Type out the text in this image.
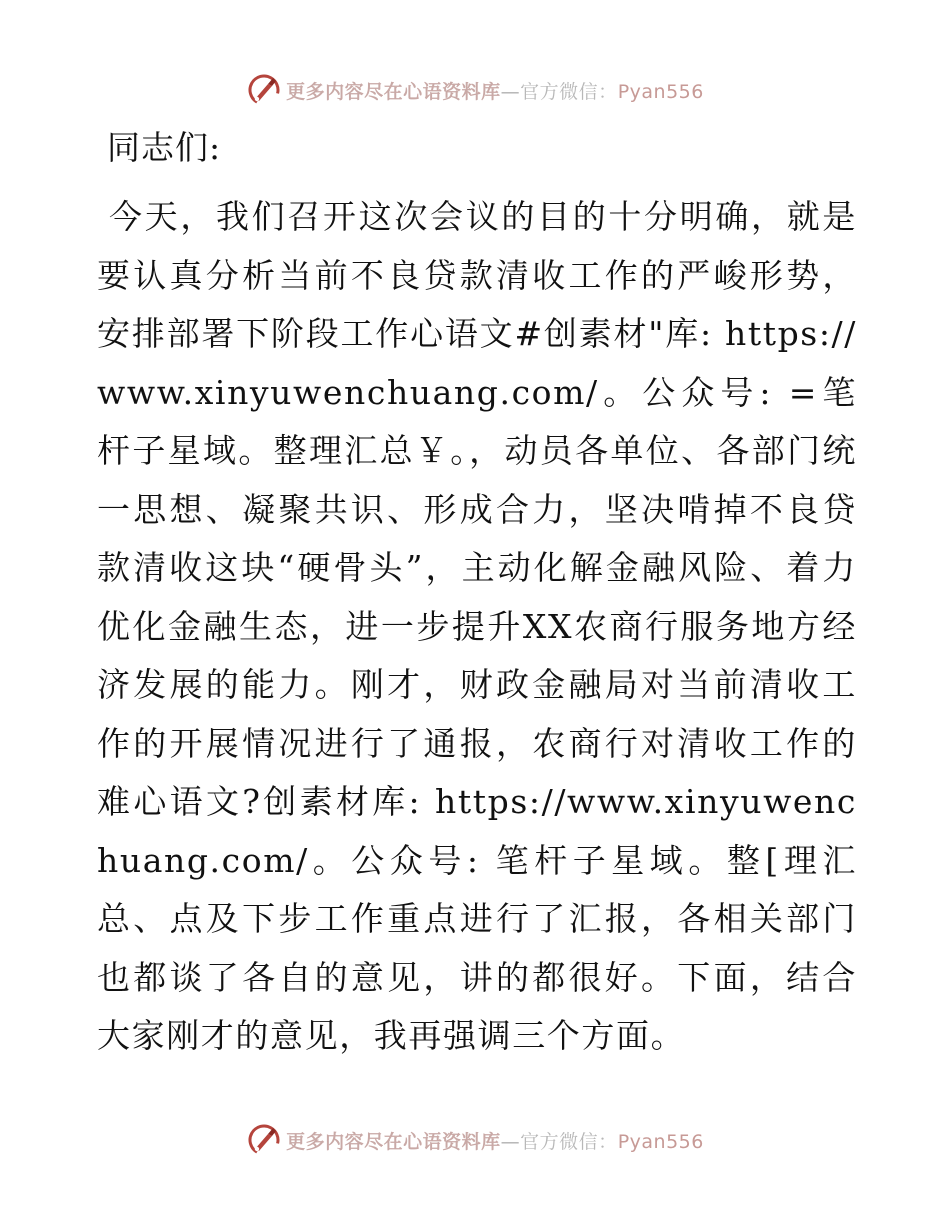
更多内容尽在心语资料库—官方微信：Pyan556
同志们:

今天，我们召开这次会议的目的十分明确，就是要认真分析当前不良贷款清收工作的严峻形势，安排部署下阶段工作心语文#创素材"库: https://www.xinyuwenchuang.com/。公众号: =笔杆子星域。整理汇总￥。，动员各单位、各部门统一思想、凝聚共识、形成合力，坚决啃掉不良贷款清收这块“硬骨头”，主动化解金融风险、着力优化金融生态，进一步提升XX农商行服务地方经济发展的能力。刚才，财政金融局对当前清收工作的开展情况进行了通报，农商行对清收工作的难心语文?创素材库: https://www.xinyuwenchuang.com/。公众号: 笔杆子星域。整[理汇总、点及下步工作重点进行了汇报，各相关部门也都谈了各自的意见，讲的都很好。下面，结合大家刚才的意见，我再强调三个方面。

更多内容尽在心语资料库—官方微信：Pyan556
